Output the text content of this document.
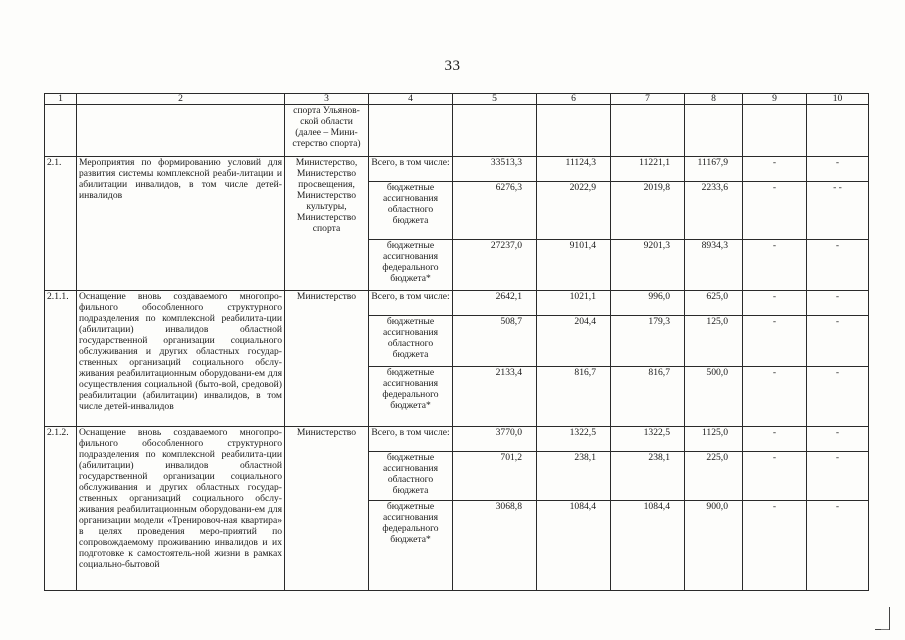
33
1	2	3	4	5	6	7	8	9	10
		спорта Ульянов-ской области (далее – Мини-стерство спорта)							
2.1.	Мероприятия по формированию условий для развития системы комплексной реаби-литации и абилитации инвалидов, в том числе детей-инвалидов	Министерство, Министерство просвещения, Министерство культуры, Министерство спорта	Всего, в том числе:	33513,3	11124,3	11221,1	11167,9	-	-
			бюджетные ассигнования областного бюджета	6276,3	2022,9	2019,8	2233,6	-	- -
			бюджетные ассигнования федерального бюджета*	27237,0	9101,4	9201,3	8934,3	-	-
2.1.1.	Оснащение вновь создаваемого многопро-фильного обособленного структурного подразделения по комплексной реабилита-ции (абилитации) инвалидов областной государственной организации социального обслуживания и других областных государ-ственных организаций социального обслу-живания реабилитационным оборудовани-ем для осуществления социальной (быто-вой, средовой) реабилитации (абилитации) инвалидов, в том числе детей-инвалидов	Министерство	Всего, в том числе:	2642,1	1021,1	996,0	625,0	-	-
			бюджетные ассигнования областного бюджета	508,7	204,4	179,3	125,0	-	-
			бюджетные ассигнования федерального бюджета*	2133,4	816,7	816,7	500,0	-	-
2.1.2.	Оснащение вновь создаваемого многопро-фильного обособленного структурного подразделения по комплексной реабилита-ции (абилитации) инвалидов областной государственной организации социального обслуживания и других областных государ-ственных организаций социального обслу-живания реабилитационным оборудовани-ем для организации модели «Тренировоч-ная квартира» в целях проведения меро-приятий по сопровождаемому проживанию инвалидов и их подготовке к самостоятель-ной жизни в рамках социально-бытовой	Министерство	Всего, в том числе:	3770,0	1322,5	1322,5	1125,0	-	-
			бюджетные ассигнования областного бюджета	701,2	238,1	238,1	225,0	-	-
			бюджетные ассигнования федерального бюджета*	3068,8	1084,4	1084,4	900,0	-	-
